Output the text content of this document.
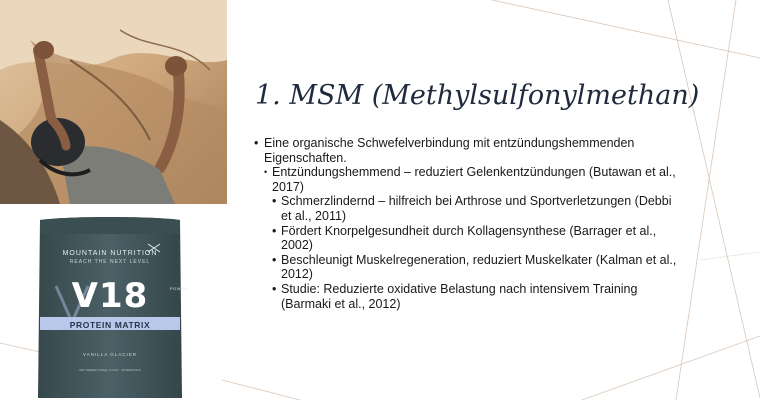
MOUNTAIN NUTRITION
REACH THE NEXT LEVEL
V18	POWER
PROTEIN MATRIX
VANILLA GLACIER
NET WEIGHT 1000g / 2.2 lbs · 40 SERVINGS
1. MSM (Methylsulfonylmethan)
• Eine organische Schwefelverbindung mit entzündungshemmenden Eigenschaften.
• Entzündungshemmend – reduziert Gelenkentzündungen (Butawan et al., 2017)
• Schmerzlindernd – hilfreich bei Arthrose und Sportverletzungen (Debbi et al., 2011)
• Fördert Knorpelgesundheit durch Kollagensynthese (Barrager et al., 2002)
• Beschleunigt Muskelregeneration, reduziert Muskelkater (Kalman et al., 2012)
• Studie: Reduzierte oxidative Belastung nach intensivem Training (Barmaki et al., 2012)
